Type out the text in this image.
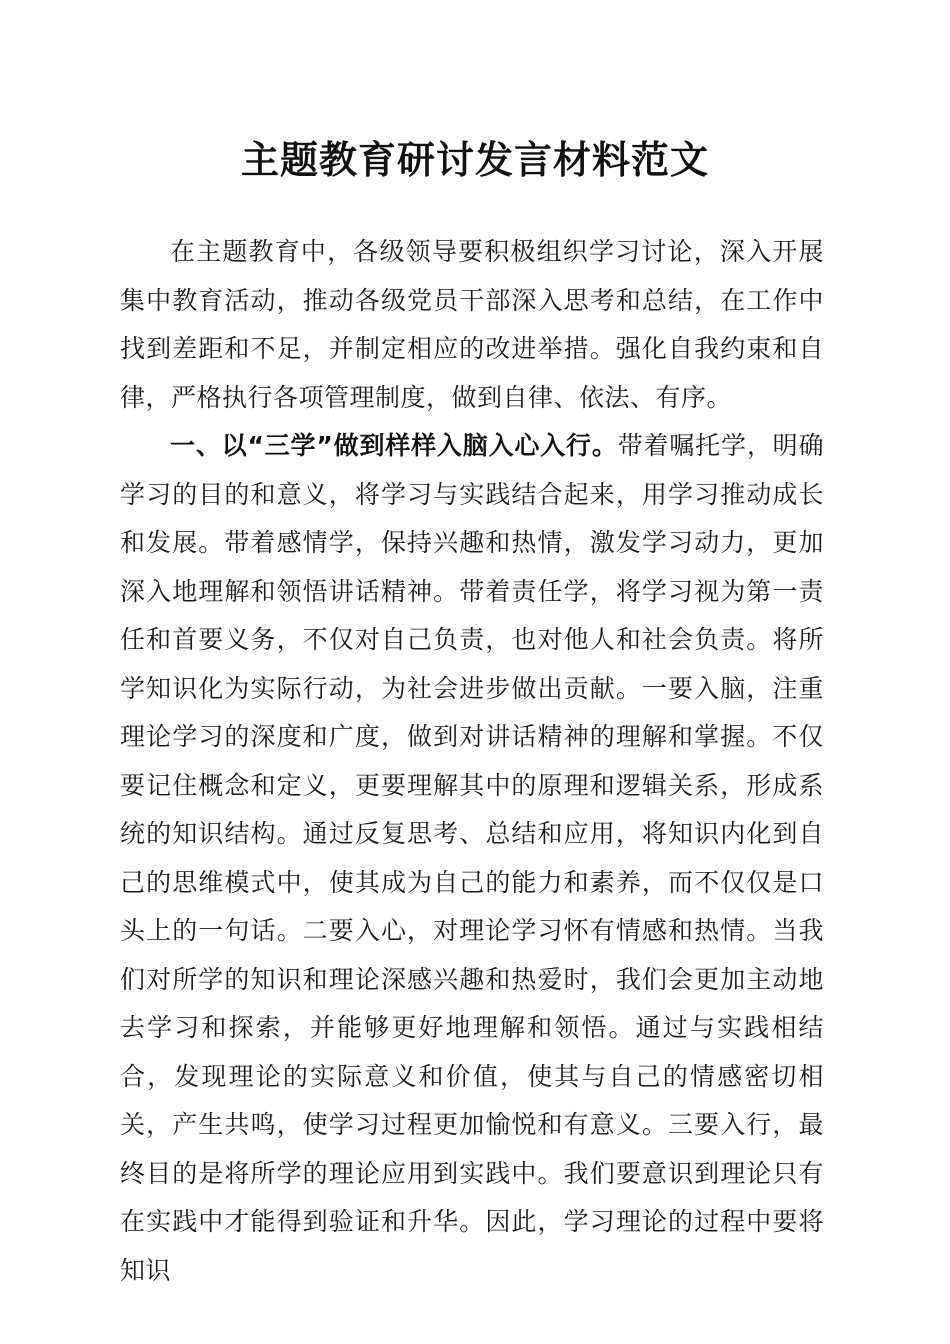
主题教育研讨发言材料范文

在主题教育中，各级领导要积极组织学习讨论，深入开展集中教育活动，推动各级党员干部深入思考和总结，在工作中找到差距和不足，并制定相应的改进举措。强化自我约束和自律，严格执行各项管理制度，做到自律、依法、有序。

一、以“三学”做到样样入脑入心入行。带着嘱托学，明确学习的目的和意义，将学习与实践结合起来，用学习推动成长和发展。带着感情学，保持兴趣和热情，激发学习动力，更加深入地理解和领悟讲话精神。带着责任学，将学习视为第一责任和首要义务，不仅对自己负责，也对他人和社会负责。将所学知识化为实际行动，为社会进步做出贡献。一要入脑，注重理论学习的深度和广度，做到对讲话精神的理解和掌握。不仅要记住概念和定义，更要理解其中的原理和逻辑关系，形成系统的知识结构。通过反复思考、总结和应用，将知识内化到自己的思维模式中，使其成为自己的能力和素养，而不仅仅是口头上的一句话。二要入心，对理论学习怀有情感和热情。当我们对所学的知识和理论深感兴趣和热爱时，我们会更加主动地去学习和探索，并能够更好地理解和领悟。通过与实践相结合，发现理论的实际意义和价值，使其与自己的情感密切相关，产生共鸣，使学习过程更加愉悦和有意义。三要入行，最终目的是将所学的理论应用到实践中。我们要意识到理论只有在实践中才能得到验证和升华。因此，学习理论的过程中要将知识
